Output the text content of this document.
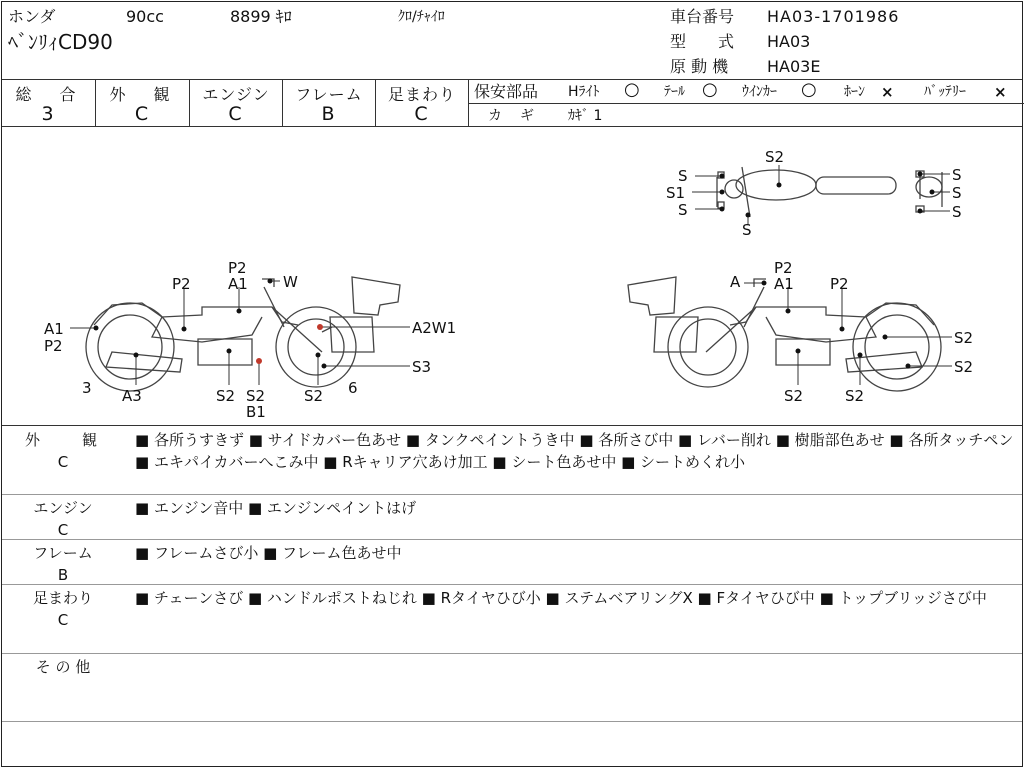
ホンダ	90cc	8899 ｷﾛ	ｸﾛ/ﾁｬｲﾛ
ﾍﾞﾝﾘｨCD90
車台番号 HA03-1701986
型　　式 HA03
原 動 機 HA03E
総　合
3
外　観
C
エンジン
C
フレーム
B
足まわり
C
保安部品 Hﾗｲﾄ ○ ﾃｰﾙ ○ ｳｲﾝｶｰ ○ ﾎｰﾝ × ﾊﾞｯﾃﾘｰ ×
カ　ギ ｶｷﾞ 1
S2
S
S1
S
S
S
S
S
P2
A1 W
P2
A1
P2
A2W1
S3
3	6
A3	S2 S2	S2
B1
A
P2
A1 P2
S2
S2
S2	S2
外　　観
C
■ 各所うすきず ■ サイドカバー色あせ ■ タンクペイントうき中 ■ 各所さび中 ■ レバー削れ ■ 樹脂部色あせ ■ 各所タッチペン ■ エキパイカバーへこみ中 ■ Rキャリア穴あけ加工 ■ シート色あせ中 ■ シートめくれ小
エンジン
C
■ エンジン音中 ■ エンジンペイントはげ
フレーム
B
■ フレームさび小 ■ フレーム色あせ中
足まわり
C
■ チェーンさび ■ ハンドルポストねじれ ■ Rタイヤひび小 ■ ステムベアリングX ■ Fタイヤひび中 ■ トップブリッジさび中
そ の 他
